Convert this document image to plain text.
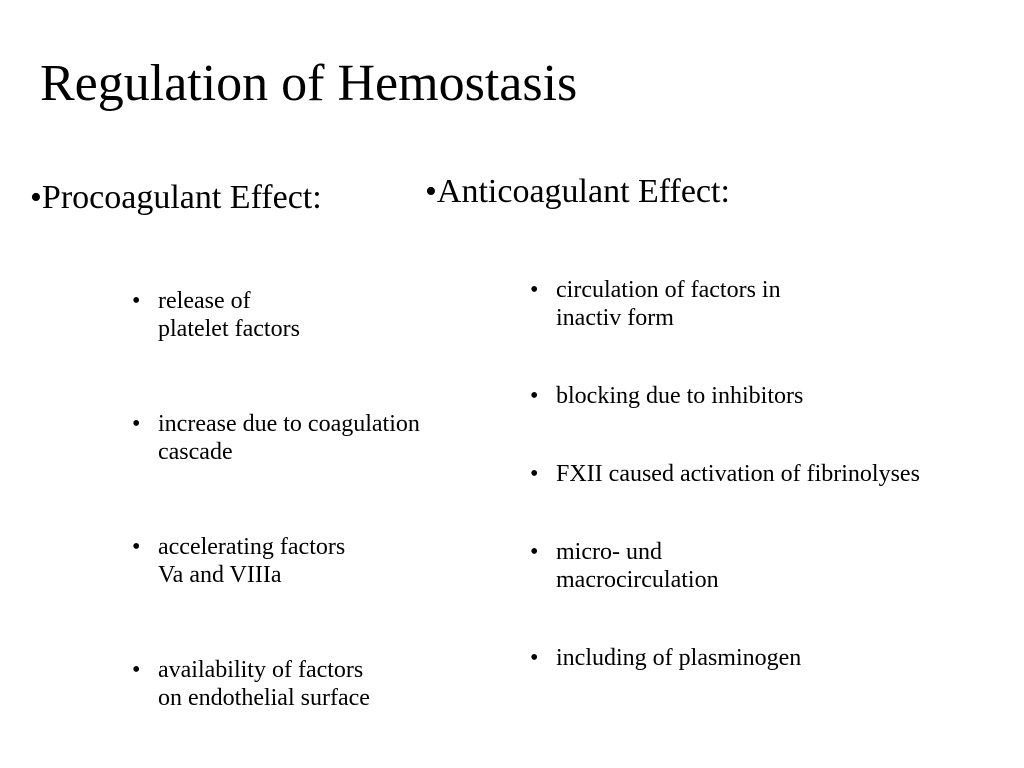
Regulation of Hemostasis
•Procoagulant Effect:	•Anticoagulant Effect:
• release of
platelet factors
• increase due to coagulation
cascade
• accelerating factors
Va and VIIIa
• availability of factors
on endothelial surface
• circulation of factors in
inactiv form
• blocking due to inhibitors
• FXII caused activation of fibrinolyses
• micro- und
macrocirculation
• including of plasminogen
